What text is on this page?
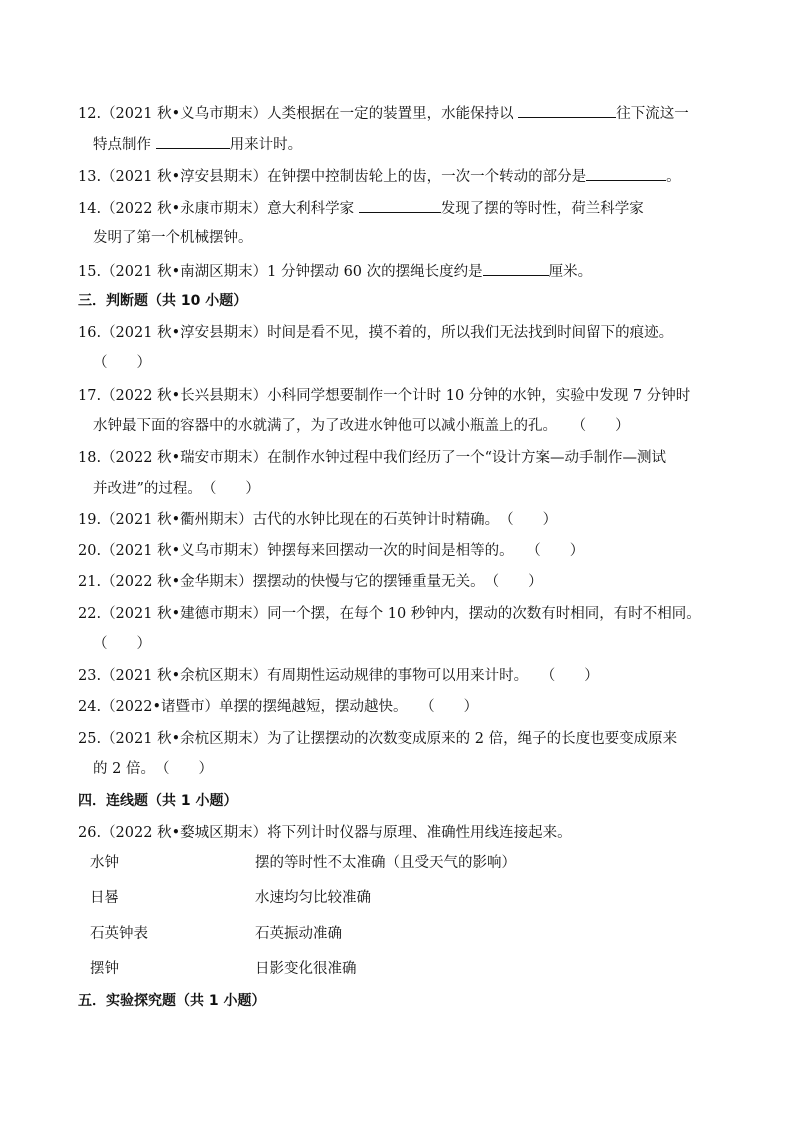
12.（2021 秋•义乌市期末）人类根据在一定的装置里，水能保持以	往下流这一
特点制作	用来计时。
13.（2021 秋•淳安县期末）在钟摆中控制齿轮上的齿，一次一个转动的部分是	。
14.（2022 秋•永康市期末）意大利科学家	发现了摆的等时性，荷兰科学家
发明了第一个机械摆钟。
15.（2021 秋•南湖区期末）1 分钟摆动 60 次的摆绳长度约是	厘米。
三．判断题（共 10 小题）
16.（2021 秋•淳安县期末）时间是看不见，摸不着的，所以我们无法找到时间留下的痕迹。
（　　）
17.（2022 秋•长兴县期末）小科同学想要制作一个计时 10 分钟的水钟，实验中发现 7 分钟时
水钟最下面的容器中的水就满了，为了改进水钟他可以减小瓶盖上的孔。 （　　）
18.（2022 秋•瑞安市期末）在制作水钟过程中我们经历了一个“设计方案—动手制作—测试
并改进”的过程。（　　）
19.（2021 秋•衢州期末）古代的水钟比现在的石英钟计时精确。（　　）
20.（2021 秋•义乌市期末）钟摆每来回摆动一次的时间是相等的。 （　　）
21.（2022 秋•金华期末）摆摆动的快慢与它的摆锤重量无关。（　　）
22.（2021 秋•建德市期末）同一个摆，在每个 10 秒钟内，摆动的次数有时相同，有时不相同。
（　　）
23.（2021 秋•余杭区期末）有周期性运动规律的事物可以用来计时。 （　　）
24.（2022•诸暨市）单摆的摆绳越短，摆动越快。 （　　）
25.（2021 秋•余杭区期末）为了让摆摆动的次数变成原来的 2 倍，绳子的长度也要变成原来
的 2 倍。（　　）
四．连线题（共 1 小题）
26.（2022 秋•婺城区期末）将下列计时仪器与原理、准确性用线连接起来。
水钟	摆的等时性不太准确（且受天气的影响）
日晷	水速均匀比较准确
石英钟表	石英振动准确
摆钟	日影变化很准确
五．实验探究题（共 1 小题）
